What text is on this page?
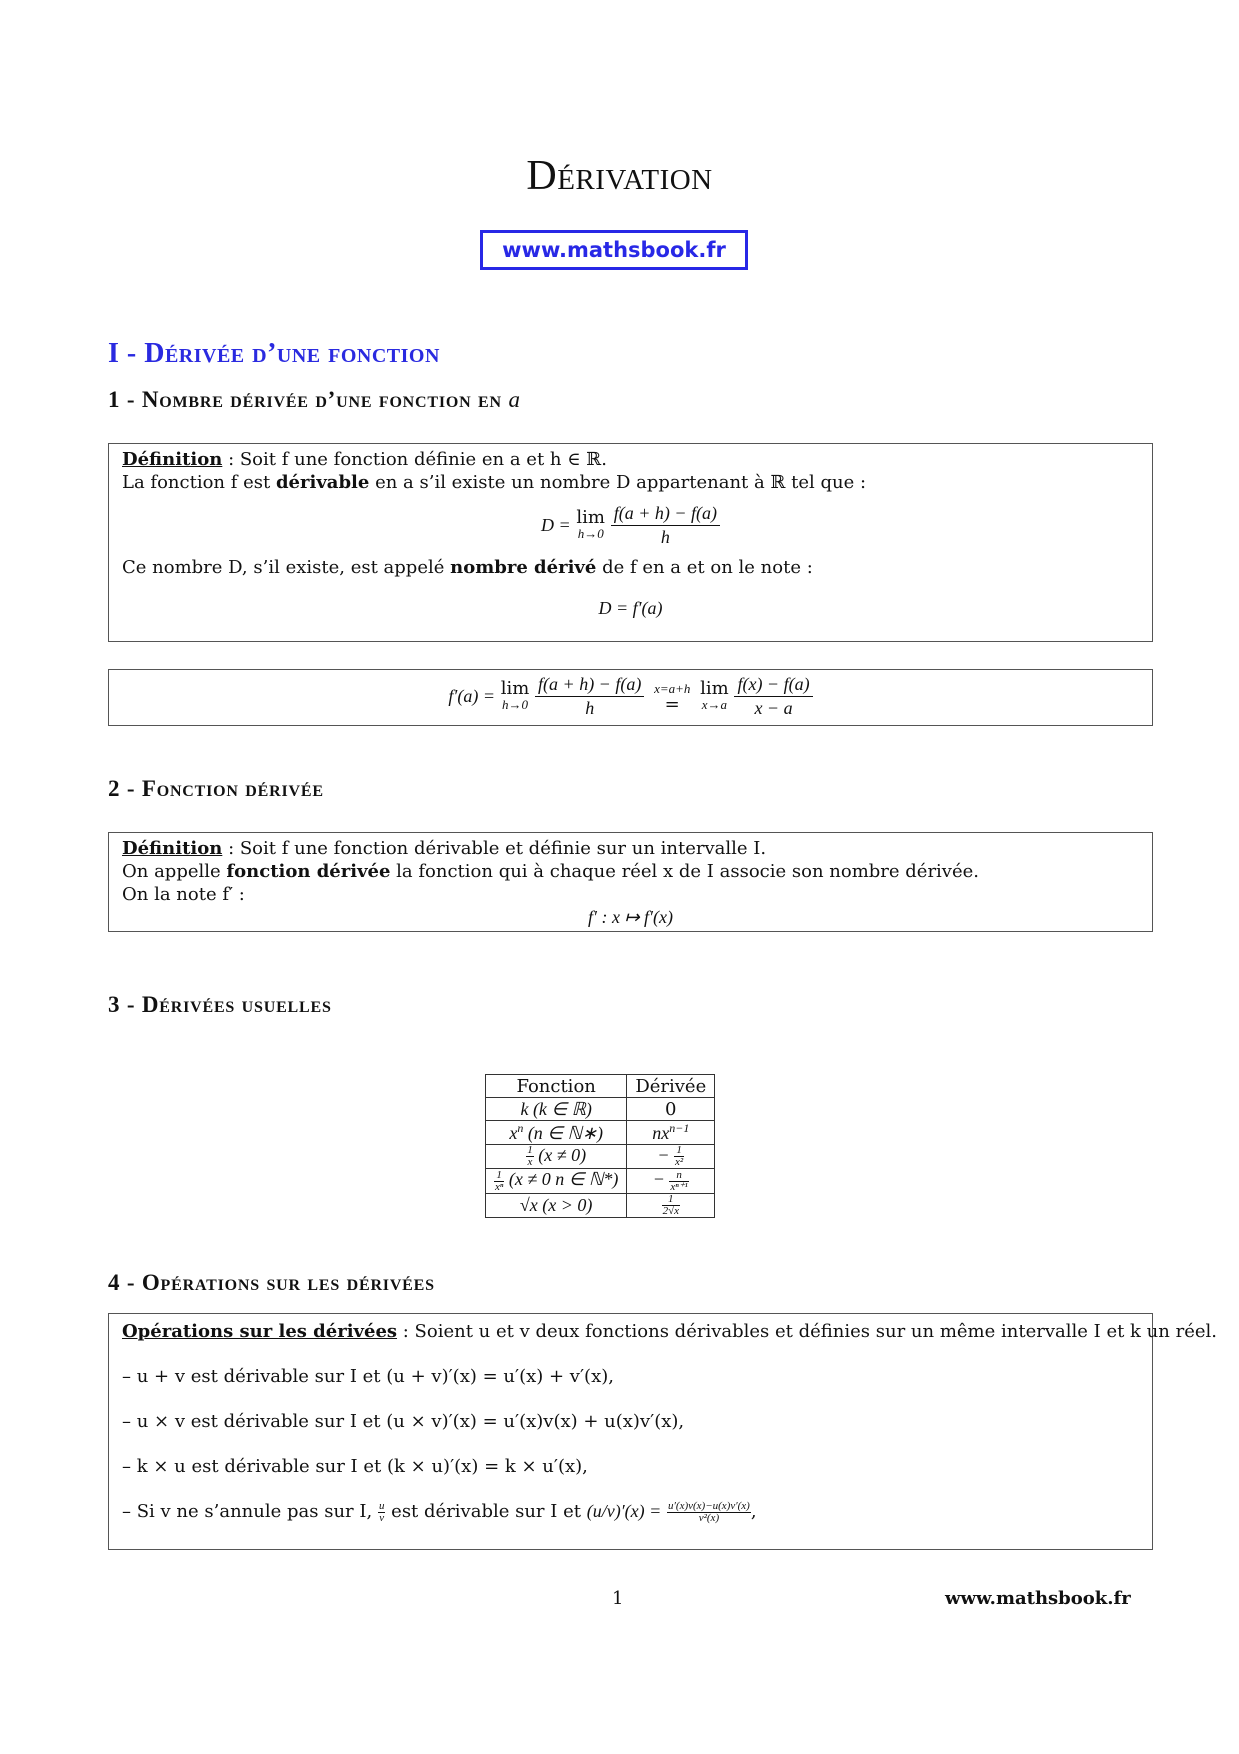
Dérivation
www.mathsbook.fr
I - Dérivée d’une fonction
1 - Nombre dérivée d’une fonction en a
Définition : Soit f une fonction définie en a et h ∈ ℝ.
La fonction f est dérivable en a s’il existe un nombre D appartenant à ℝ tel que :
D = lim
h→0
$\frac{f(a + h) - f(a)}{h}$
Ce nombre D, s’il existe, est appelé nombre dérivé de f en a et on le note :
D = f′(a)
f′(a) = lim
h→0
$\frac{f(a + h) - f(a)}{h}$
x=a+h
= lim
x→a
$\frac{f(x) - f(a)}{x - a}$
2 - Fonction dérivée
Définition : Soit f une fonction dérivable et définie sur un intervalle I.
On appelle fonction dérivée la fonction qui à chaque réel x de I associe son nombre dérivée.
On la note f′ :
f′ : x ↦ f′(x)
3 - Dérivées usuelles
Fonction	Dérivée
k (k ∈ ℝ)	0
$x^n$ (n ∈ ℕ∗)	$nx^{n-1}$

$\frac{1}{x} (x \ne 0)$	− $\frac{1}{\text{x²}}$

$\frac{1}{\text{xⁿ}} (x \ne 0$ n ∈ ℕ*)	− $\frac{n}{\text{xⁿ⁺¹}}$

√x (x > 0)	$\frac{1}{2√x}$
4 - Opérations sur les dérivées
Opérations sur les dérivées : Soient u et v deux fonctions dérivables et définies sur un même intervalle I et k un réel.
– u + v est dérivable sur I et (u + v)′(x) = u′(x) + v′(x),
– u × v est dérivable sur I et (u × v)′(x) = u′(x)v(x) + u(x)v′(x),
– k × u est dérivable sur I et (k × u)′(x) = k × u′(x),
– Si v ne s’annule pas sur I, $\frac{u}{v}$ est dérivable sur I et $(u/v)'(x) = \frac{u'(x)v(x)-u(x)v'(x)}{\text{v²(x)}}$ ,
1	www.mathsbook.fr
